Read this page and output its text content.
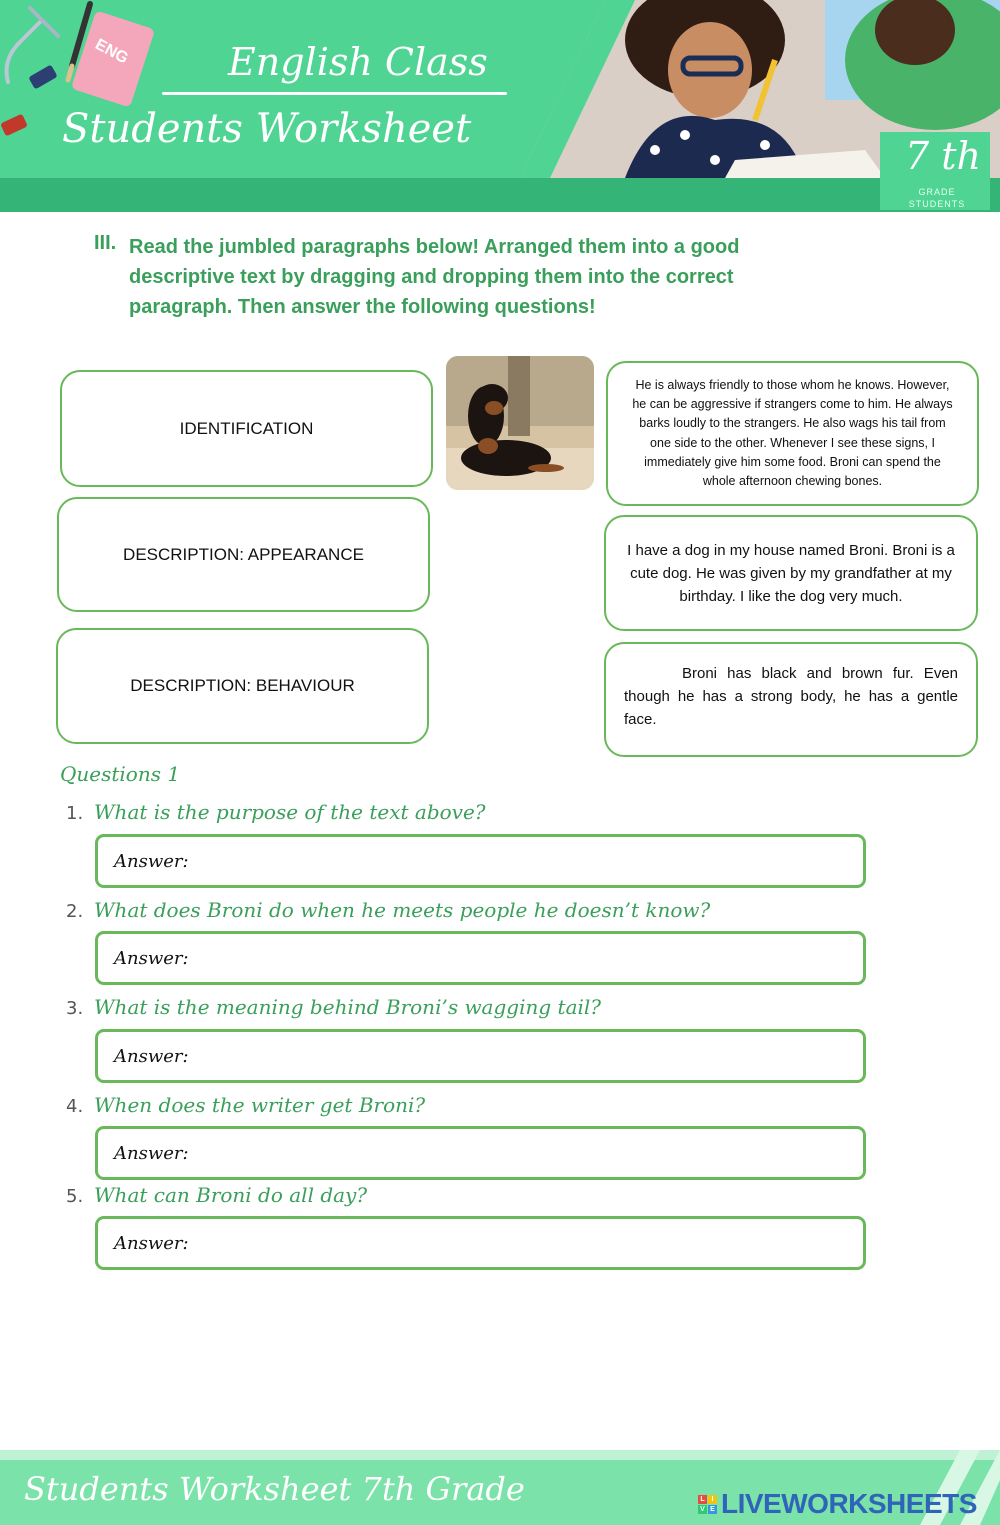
ENG	English Class
Students Worksheet
7 th
GRADE
STUDENTS
III. Read the jumbled paragraphs below! Arranged them into a good descriptive text by dragging and dropping them into the correct paragraph. Then answer the following questions!
IDENTIFICATION
DESCRIPTION: APPEARANCE
DESCRIPTION: BEHAVIOUR
He is always friendly to those whom he knows. However, he can be aggressive if strangers come to him. He always barks loudly to the strangers. He also wags his tail from one side to the other. Whenever I see these signs, I immediately give him some food. Broni can spend the whole afternoon chewing bones.
I have a dog in my house named Broni. Broni is a cute dog. He was given by my grandfather at my birthday. I like the dog very much.
Broni has black and brown fur. Even though he has a strong body, he has a gentle face.
Questions 1
1. What is the purpose of the text above?
Answer:
2. What does Broni do when he meets people he doesn’t know?
Answer:
3. What is the meaning behind Broni’s wagging tail?
Answer:
4. When does the writer get Broni?
Answer:
5. What can Broni do all day?
Answer:
Students Worksheet 7th Grade	L I
V E LIVEWORKSHEETS
